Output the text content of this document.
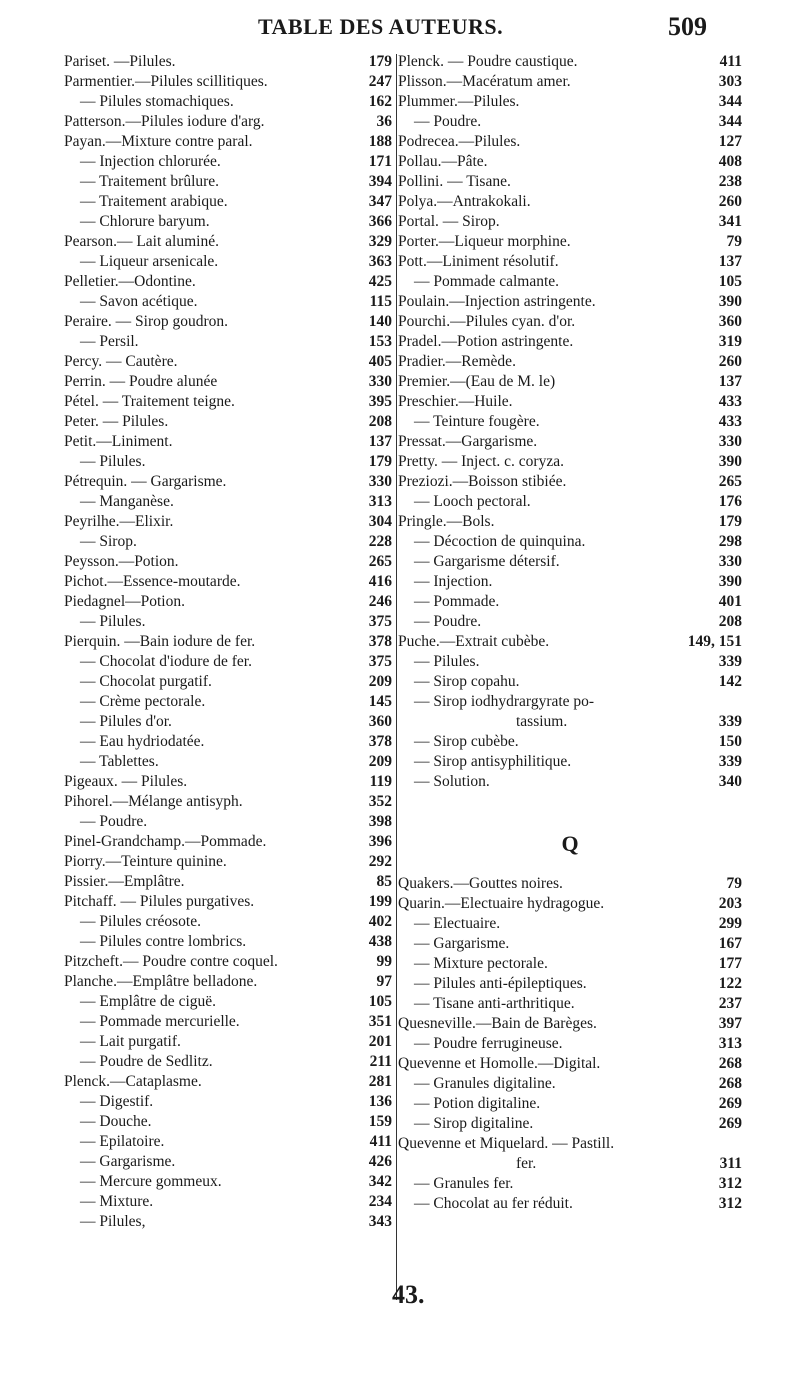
TABLE DES AUTEURS.	509
Pariset. —Pilules.	179
Parmentier.—Pilules scillitiques.	247
— Pilules stomachiques.	162
Patterson.—Pilules iodure d'arg.	36
Payan.—Mixture contre paral.	188
— Injection chlorurée.	171
— Traitement brûlure.	394
— Traitement arabique.	347
— Chlorure baryum.	366
Pearson.— Lait aluminé.	329
— Liqueur arsenicale.	363
Pelletier.—Odontine.	425
— Savon acétique.	115
Peraire. — Sirop goudron.	140
— Persil.	153
Percy. — Cautère.	405
Perrin. — Poudre alunée	330
Pétel. — Traitement teigne.	395
Peter. — Pilules.	208
Petit.—Liniment.	137
— Pilules.	179
Pétrequin. — Gargarisme.	330
— Manganèse.	313
Peyrilhe.—Elixir.	304
— Sirop.	228
Peysson.—Potion.	265
Pichot.—Essence-moutarde.	416
Piedagnel—Potion.	246
— Pilules.	375
Pierquin. —Bain iodure de fer.	378
— Chocolat d'iodure de fer.	375
— Chocolat purgatif.	209
— Crème pectorale.	145
— Pilules d'or.	360
— Eau hydriodatée.	378
— Tablettes.	209
Pigeaux. — Pilules.	119
Pihorel.—Mélange antisyph.	352
— Poudre.	398
Pinel-Grandchamp.—Pommade.	396
Piorry.—Teinture quinine.	292
Pissier.—Emplâtre.	85
Pitchaff. — Pilules purgatives.	199
— Pilules créosote.	402
— Pilules contre lombrics.	438
Pitzcheft.— Poudre contre coquel.	99
Planche.—Emplâtre belladone.	97
— Emplâtre de ciguë.	105
— Pommade mercurielle.	351
— Lait purgatif.	201
— Poudre de Sedlitz.	211
Plenck.—Cataplasme.	281
— Digestif.	136
— Douche.	159
— Epilatoire.	411
— Gargarisme.	426
— Mercure gommeux.	342
— Mixture.	234
— Pilules,	343
Plenck. — Poudre caustique.	411
Plisson.—Macératum amer.	303
Plummer.—Pilules.	344
— Poudre.	344
Podrecea.—Pilules.	127
Pollau.—Pâte.	408
Pollini. — Tisane.	238
Polya.—Antrakokali.	260
Portal. — Sirop.	341
Porter.—Liqueur morphine.	79
Pott.—Liniment résolutif.	137
— Pommade calmante.	105
Poulain.—Injection astringente.	390
Pourchi.—Pilules cyan. d'or.	360
Pradel.—Potion astringente.	319
Pradier.—Remède.	260
Premier.—(Eau de M. le)	137
Preschier.—Huile.	433
— Teinture fougère.	433
Pressat.—Gargarisme.	330
Pretty. — Inject. c. coryza.	390
Preziozi.—Boisson stibiée.	265
— Looch pectoral.	176
Pringle.—Bols.	179
— Décoction de quinquina.	298
— Gargarisme détersif.	330
— Injection.	390
— Pommade.	401
— Poudre.	208
Puche.—Extrait cubèbe.	149, 151
— Pilules.	339
— Sirop copahu.	142
— Sirop iodhydrargyrate po-
tassium.	339
— Sirop cubèbe.	150
— Sirop antisyphilitique.	339
— Solution.	340
Q
Quakers.—Gouttes noires.	79
Quarin.—Electuaire hydragogue.	203
— Electuaire.	299
— Gargarisme.	167
— Mixture pectorale.	177
— Pilules anti-épileptiques.	122
— Tisane anti-arthritique.	237
Quesneville.—Bain de Barèges.	397
— Poudre ferrugineuse.	313
Quevenne et Homolle.—Digital.	268
— Granules digitaline.	268
— Potion digitaline.	269
— Sirop digitaline.	269
Quevenne et Miquelard. — Pastill.
fer.	311
— Granules fer.	312
— Chocolat au fer réduit.	312
43.
